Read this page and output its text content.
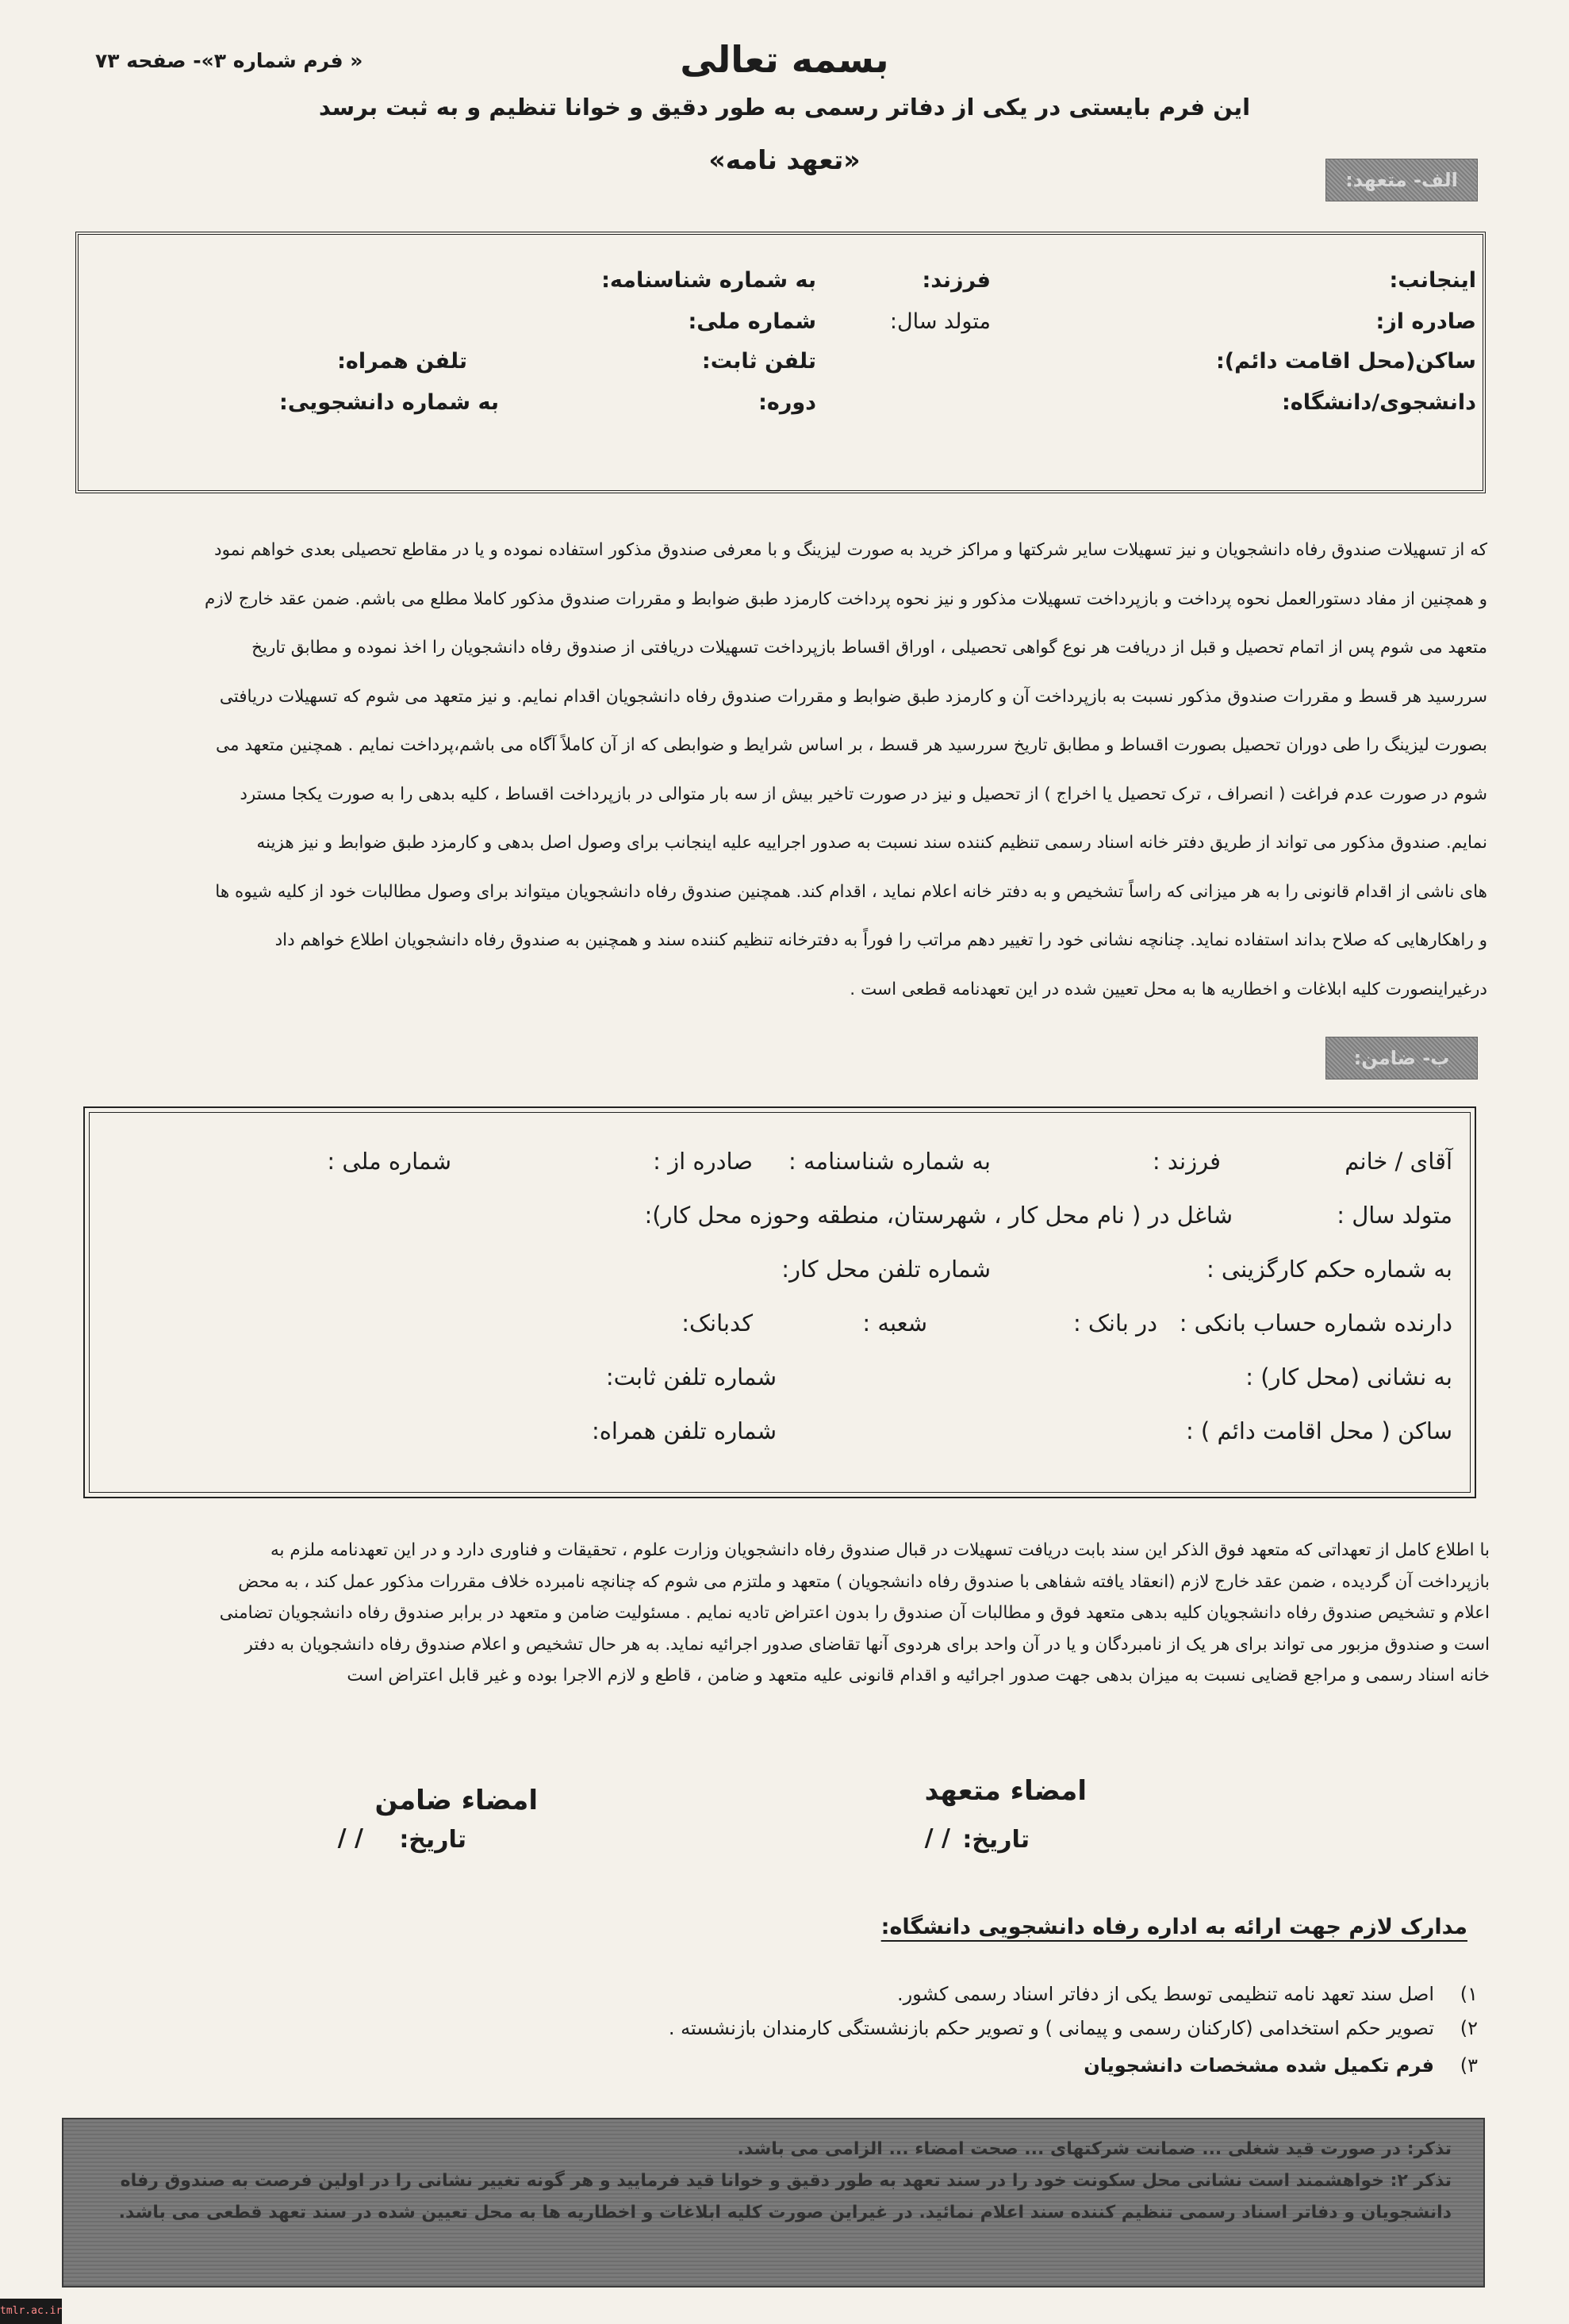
« فرم شماره ۳»- صفحه ۷۳	بسمه تعالی
این فرم بایستی در یکی از دفاتر رسمی به طور دقیق و خوانا تنظیم و به ثبت برسد
«تعهد نامه»
الف- متعهد:
اینجانب:
فرزند:
به شماره شناسنامه:
صادره از:
متولد سال:
شماره ملی:
ساکن(محل اقامت دائم):
تلفن ثابت:
تلفن همراه:
دانشجوی/دانشگاه:
دوره:
به شماره دانشجویی:

که از تسهیلات صندوق رفاه دانشجویان و نیز تسهیلات سایر شرکتها و مراکز خرید به صورت لیزینگ و با معرفی صندوق مذکور استفاده نموده و یا در مقاطع تحصیلی بعدی خواهم نمود

و همچنین از مفاد دستورالعمل نحوه پرداخت و بازپرداخت تسهیلات مذکور و نیز نحوه پرداخت کارمزد طبق ضوابط و مقررات صندوق مذکور کاملا مطلع می باشم. ضمن عقد خارج لازم

متعهد می شوم پس از اتمام تحصیل و قبل از دریافت هر نوع گواهی تحصیلی ، اوراق اقساط بازپرداخت تسهیلات دریافتی از صندوق رفاه دانشجویان را اخذ نموده و مطابق تاریخ

سررسید هر قسط و مقررات صندوق مذکور نسبت به بازپرداخت آن و کارمزد طبق ضوابط و مقررات صندوق رفاه دانشجویان اقدام نمایم. و نیز متعهد می شوم که تسهیلات دریافتی

بصورت لیزینگ را طی دوران تحصیل بصورت اقساط و مطابق تاریخ سررسید هر قسط ، بر اساس شرایط و ضوابطی که از آن کاملاً آگاه می باشم،پرداخت نمایم . همچنین متعهد می

شوم در صورت عدم فراغت ( انصراف ، ترک تحصیل یا اخراج ) از تحصیل و نیز در صورت تاخیر بیش از سه بار متوالی در بازپرداخت اقساط ، کلیه بدهی را به صورت یکجا مسترد

نمایم. صندوق مذکور می تواند از طریق دفتر خانه اسناد رسمی تنظیم کننده سند نسبت به صدور اجراییه علیه اینجانب برای وصول اصل بدهی و کارمزد طبق ضوابط و نیز هزینه

های ناشی از اقدام قانونی را به هر میزانی که راساً تشخیص و به دفتر خانه اعلام نماید ، اقدام کند. همچنین صندوق رفاه دانشجویان میتواند برای وصول مطالبات خود از کلیه شیوه ها

و راهکارهایی که صلاح بداند استفاده نماید. چنانچه نشانی خود را تغییر دهم مراتب را فوراً به دفترخانه تنظیم کننده سند و همچنین به صندوق رفاه دانشجویان اطلاع خواهم داد

درغیراینصورت کلیه ابلاغات و اخطاریه ها به محل تعیین شده در این تعهدنامه قطعی است .

ب- ضامن:
آقای / خانم
فرزند :
به شماره شناسنامه :
صادره از :
شماره ملی :
متولد سال :
شاغل در ( نام محل کار ، شهرستان، منطقه وحوزه محل کار):
به شماره حکم کارگزینی :
شماره تلفن محل کار:
دارنده شماره حساب بانکی :
در بانک :
شعبه :
کدبانک:
به نشانی (محل کار) :
شماره تلفن ثابت:
ساکن ( محل اقامت دائم ) :
شماره تلفن همراه:

با اطلاع کامل از تعهداتی که متعهد فوق الذکر این سند بابت دریافت تسهیلات در قبال صندوق رفاه دانشجویان وزارت علوم ، تحقیقات و فناوری دارد و در این تعهدنامه ملزم به

بازپرداخت آن گردیده ، ضمن عقد خارج لازم (انعقاد یافته شفاهی با صندوق رفاه دانشجویان ) متعهد و ملتزم می شوم که چنانچه نامبرده خلاف مقررات مذکور عمل کند ، به محض

اعلام و تشخیص صندوق رفاه دانشجویان کلیه بدهی متعهد فوق و مطالبات آن صندوق را بدون اعتراض تادیه نمایم . مسئولیت ضامن و متعهد در برابر صندوق رفاه دانشجویان تضامنی

است و صندوق مزبور می تواند برای هر یک از نامبردگان و یا در آن واحد برای هردوی آنها تقاضای صدور اجرائیه نماید. به هر حال تشخیص و اعلام صندوق رفاه دانشجویان به دفتر

خانه اسناد رسمی و مراجع قضایی نسبت به میزان بدهی جهت صدور اجرائیه و اقدام قانونی علیه متعهد و ضامن ، قاطع و لازم الاجرا بوده و غیر قابل اعتراض است

امضاء متعهد
امضاء ضامن
تاریخ:
/ /
تاریخ:
/ /
مدارک لازم جهت ارائه به اداره رفاه دانشجویی دانشگاه:
۱)اصل سند تعهد نامه تنظیمی توسط یکی از دفاتر اسناد رسمی کشور.
۲)تصویر حکم استخدامی (کارکنان رسمی و پیمانی ) و تصویر حکم بازنشستگی کارمندان بازنشسته .
۳)فرم تکمیل شده مشخصات دانشجویان

تذکر: در صورت قید شغلی ... ضمانت شرکتهای ... صحت امضاء ... الزامی می باشد.

تذکر ۲: خواهشمند است نشانی محل سکونت خود را در سند تعهد به طور دقیق و خوانا قید فرمایید و هر گونه تغییر نشانی را در اولین فرصت به صندوق رفاه

دانشجویان و دفاتر اسناد رسمی تنظیم کننده سند اعلام نمائید. در غیراین صورت کلیه ابلاغات و اخطاریه ها به محل تعیین شده در سند تعهد قطعی می باشد.

tmlr.ac.ir
